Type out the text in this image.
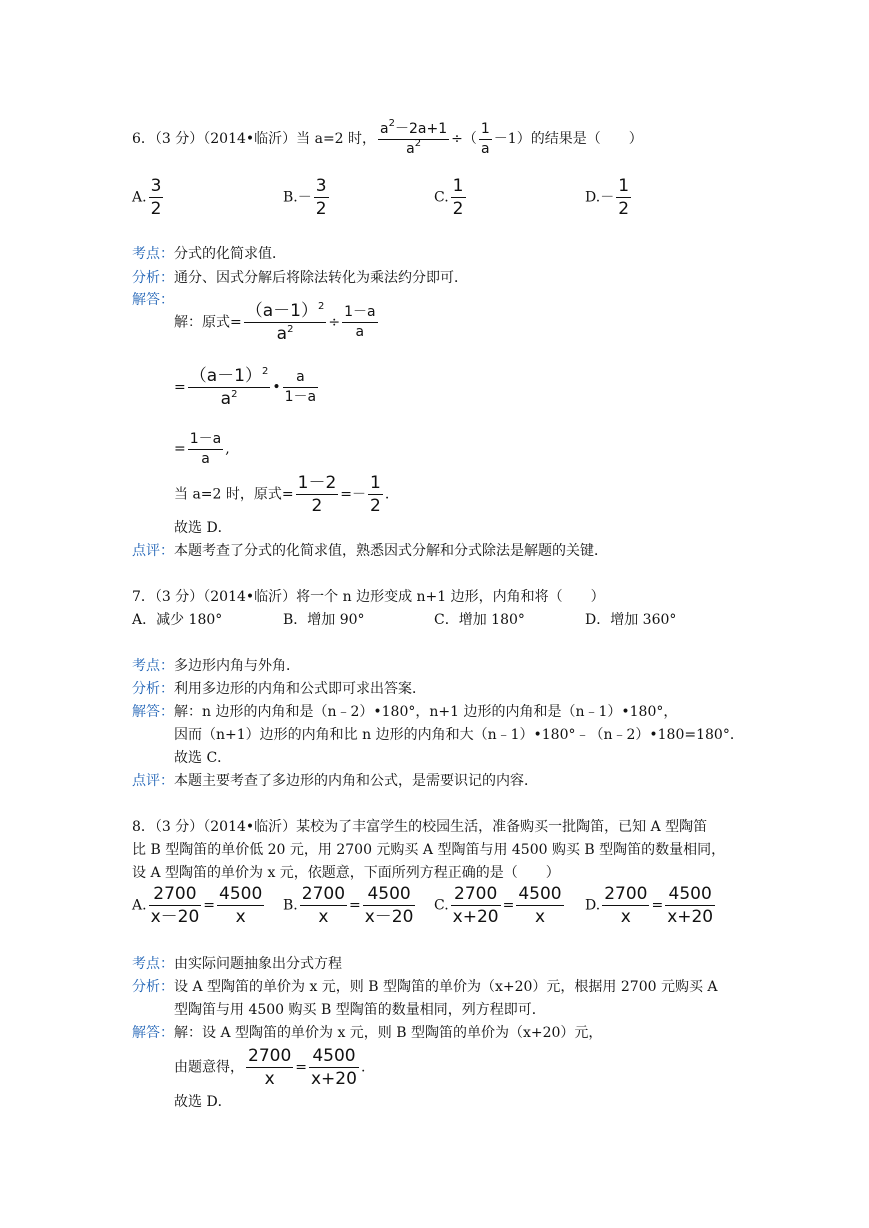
6．（3 分）（2014•临沂）当 a=2 时， $\frac{a^2-2a+1}{a^2}$ ÷（ $\frac{1}{a} -1$）的结果是（　　）
A. $\frac{3}{2}$	$B.- \frac{3}{2}$	C. $\frac{1}{2}$	$D.- \frac{1}{2}$
考点：分式的化简求值．
分析：通分、因式分解后将除法转化为乘法约分即可．
解答：
解：原式= $\frac{(a-1)^2}{a^2} \div \frac{1-a}{a}$
= $\frac{(a-1)^2}{a^2}$ • $\frac{a}{1-a}$
= $\frac{1-a}{a}$ ,
当 a=2 时，原式= $\frac{1-2}{2} =- \frac{1}{2}$ .
故选 D．
点评：本题考查了分式的化简求值，熟悉因式分解和分式除法是解题的关键．
7．（3 分）（2014•临沂）将一个 n 边形变成 n+1 边形，内角和将（　　）
A．减少 180°	B．增加 90°	C．增加 180°	D．增加 360°
考点：多边形内角与外角．
分析：利用多边形的内角和公式即可求出答案．
解答：解：n 边形的内角和是（n﹣2）•180°，n+1 边形的内角和是（n﹣1）•180°，
因而（n+1）边形的内角和比 n 边形的内角和大（n﹣1）•180°﹣（n﹣2）•180=180°．
故选 C．
点评：本题主要考查了多边形的内角和公式，是需要识记的内容．
8．（3 分）（2014•临沂）某校为了丰富学生的校园生活，准备购买一批陶笛，已知 A 型陶笛
比 B 型陶笛的单价低 20 元，用 2700 元购买 A 型陶笛与用 4500 购买 B 型陶笛的数量相同，
设 A 型陶笛的单价为 x 元，依题意，下面所列方程正确的是（　　）
A. $\frac{2700}{x-20} = \frac{4500}{x} B$. $\frac{2700}{x} = \frac{4500}{x-20} C$. $\frac{2700}{x+20} = \frac{4500}{x} D$. $\frac{2700}{x} = \frac{4500}{x+20}$
考点：由实际问题抽象出分式方程
分析：设 A 型陶笛的单价为 x 元，则 B 型陶笛的单价为（x+20）元，根据用 2700 元购买 A
型陶笛与用 4500 购买 B 型陶笛的数量相同，列方程即可．
解答：解：设 A 型陶笛的单价为 x 元，则 B 型陶笛的单价为（x+20）元，
由题意得， $\frac{2700}{x} = \frac{4500}{x+20}$ .
故选 D．
